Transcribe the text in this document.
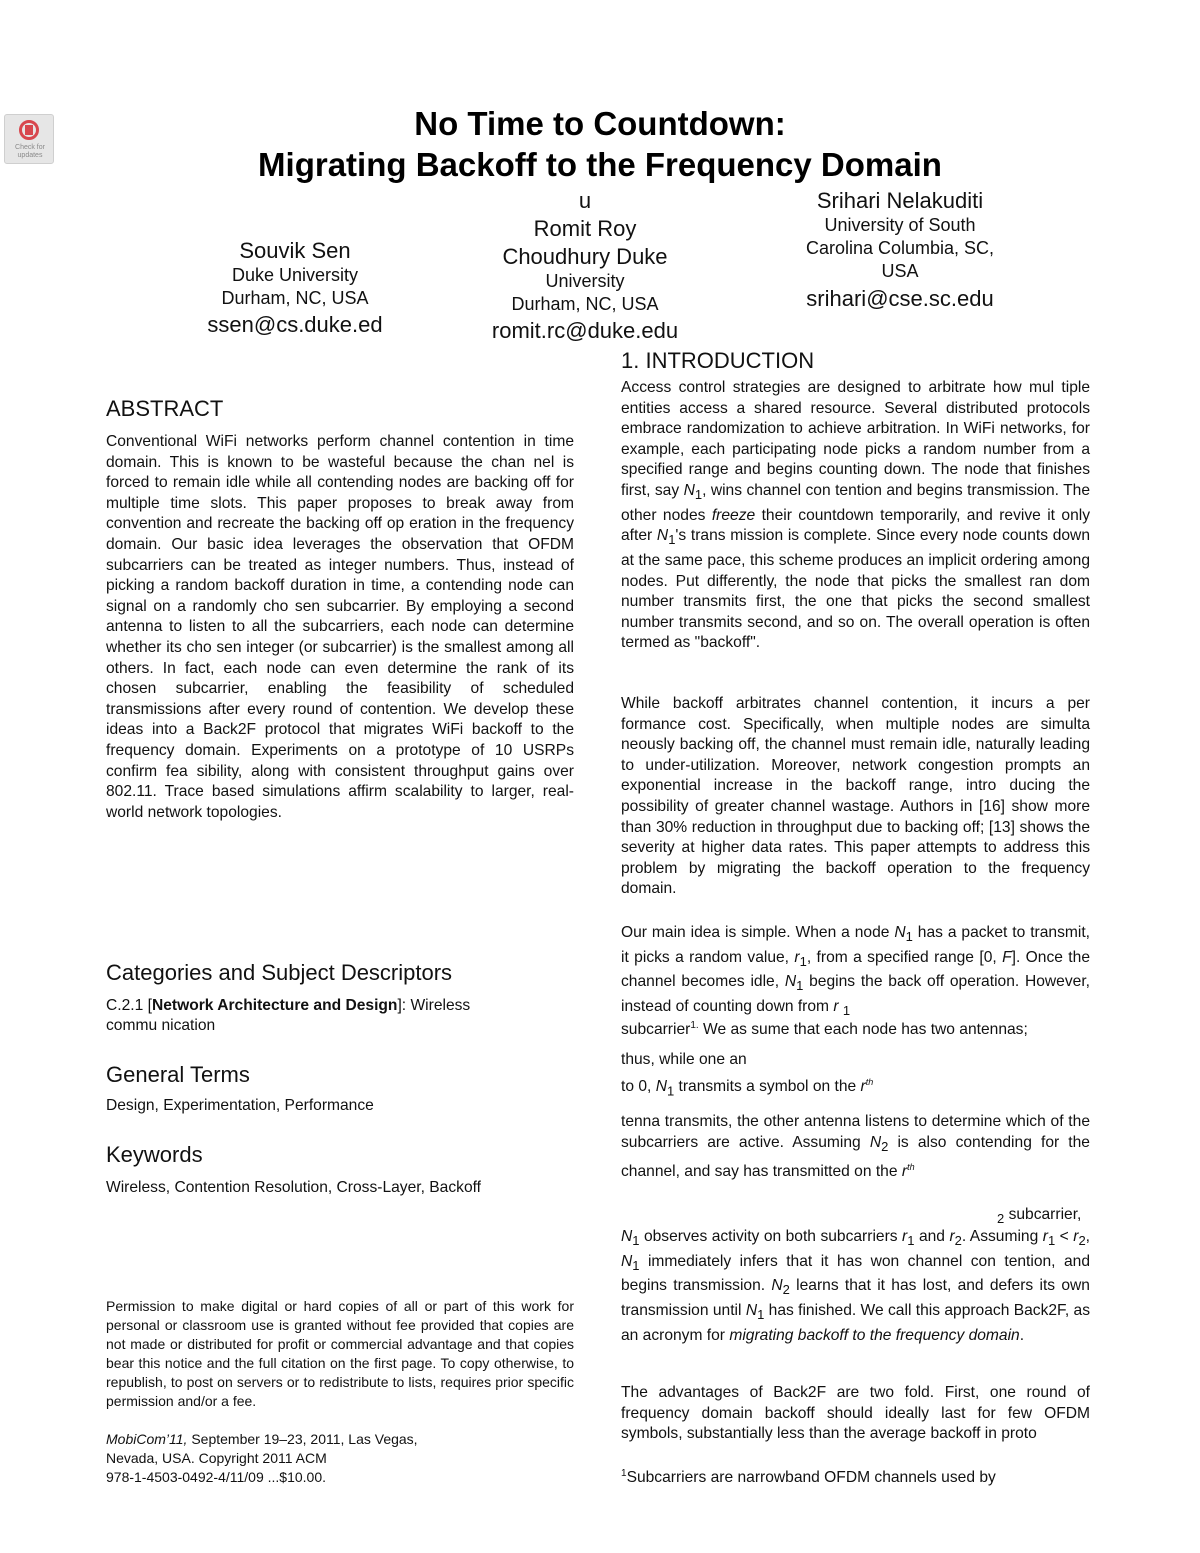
Check for updates
No Time to Countdown:
Migrating Backoff to the Frequency Domain
Souvik Sen
Duke University
Durham, NC, USA
ssen@cs.duke.ed
u
Romit Roy
Choudhury Duke
University
Durham, NC, USA
romit.rc@duke.edu
Srihari Nelakuditi
University of South
Carolina Columbia, SC,
USA
srihari@cse.sc.edu
ABSTRACT
Conventional WiFi networks perform channel contention in time domain. This is known to be wasteful because the chan nel is forced to remain idle while all contending nodes are backing off for multiple time slots. This paper proposes to break away from convention and recreate the backing off op eration in the frequency domain. Our basic idea leverages the observation that OFDM subcarriers can be treated as integer numbers. Thus, instead of picking a random backoff duration in time, a contending node can signal on a randomly cho sen subcarrier. By employing a second antenna to listen to all the subcarriers, each node can determine whether its cho sen integer (or subcarrier) is the smallest among all others. In fact, each node can even determine the rank of its chosen subcarrier, enabling the feasibility of scheduled transmissions after every round of contention. We develop these ideas into a Back2F protocol that migrates WiFi backoff to the frequency domain. Experiments on a prototype of 10 USRPs confirm fea sibility, along with consistent throughput gains over 802.11. Trace based simulations affirm scalability to larger, real-world network topologies.
Categories and Subject Descriptors
C.2.1 [Network Architecture and Design]: Wireless
commu nication
General Terms
Design, Experimentation, Performance
Keywords
Wireless, Contention Resolution, Cross-Layer, Backoff
Permission to make digital or hard copies of all or part of this work for personal or classroom use is granted without fee provided that copies are not made or distributed for profit or commercial advantage and that copies bear this notice and the full citation on the first page. To copy otherwise, to republish, to post on servers or to redistribute to lists, requires prior specific permission and/or a fee.
MobiCom’11, September 19–23, 2011, Las Vegas,
Nevada, USA. Copyright 2011 ACM
978-1-4503-0492-4/11/09 ...$10.00.
1. INTRODUCTION
Access control strategies are designed to arbitrate how mul tiple entities access a shared resource. Several distributed protocols embrace randomization to achieve arbitration. In WiFi networks, for example, each participating node picks a random number from a specified range and begins counting down. The node that finishes first, say $N_1$, wins channel con tention and begins transmission. The other nodes freeze their countdown temporarily, and revive it only after $N_1's$ trans mission is complete. Since every node counts down at the same pace, this scheme produces an implicit ordering among nodes. Put differently, the node that picks the smallest ran dom number transmits first, the one that picks the second smallest number transmits second, and so on. The overall operation is often termed as "backoff".
While backoff arbitrates channel contention, it incurs a per formance cost. Specifically, when multiple nodes are simulta neously backing off, the channel must remain idle, naturally leading to under-utilization. Moreover, network congestion prompts an exponential increase in the backoff range, intro ducing the possibility of greater channel wastage. Authors in [16] show more than 30% reduction in throughput due to backing off; [13] shows the severity at higher data rates. This paper attempts to address this problem by migrating the backoff operation to the frequency domain.
Our main idea is simple. When a node $N_1$ has a packet to transmit, it picks a random value, $r_1$, from a specified range [0, F]. Once the channel becomes idle, $N_1$ begins the back off operation. However, instead of counting down from r $_1$
subcarrier$^{1.}$ We as sume that each node has two antennas;
thus, while one an
to 0, $N_1$ transmits a symbol on the $r^{th}$
tenna transmits, the other antenna listens to determine which of the subcarriers are active. Assuming $N_2$ is also contending for the channel, and say has transmitted on the $r^{th}$
$_2$ subcarrier,
$N_1$ observes activity on both subcarriers $r_1$ and $r_2$. Assuming $r_1 < r_2$, $N_1$ immediately infers that it has won channel con tention, and begins transmission. $N_2$ learns that it has lost, and defers its own transmission until $N_1$ has finished. We call this approach Back2F, as an acronym for migrating backoff to the frequency domain.
The advantages of Back2F are two fold. First, one round of frequency domain backoff should ideally last for few OFDM symbols, substantially less than the average backoff in proto
$^1$Subcarriers are narrowband OFDM channels used by
